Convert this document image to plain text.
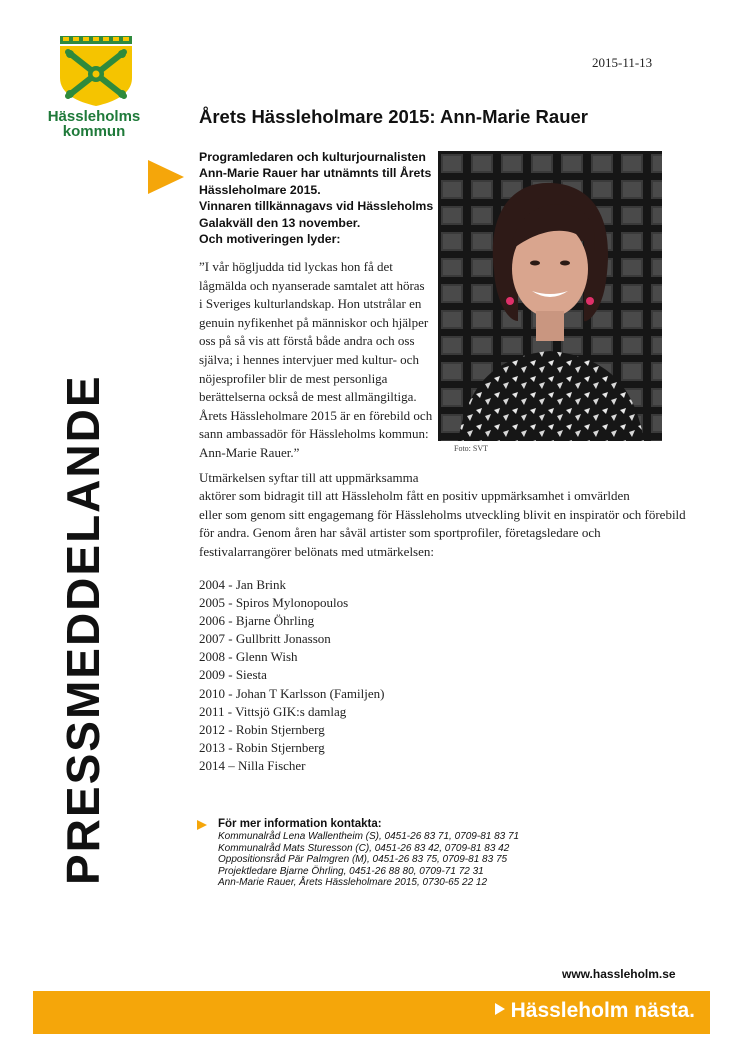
Hässleholms
kommun
2015-11-13
Årets Hässleholmare 2015: Ann-Marie Rauer
Programledaren och kulturjournalisten
Ann-Marie Rauer har utnämnts till Årets
Hässleholmare 2015.
Vinnaren tillkännagavs vid Hässleholms
Galakväll den 13 november.
Och motiveringen lyder:
”I vår högljudda tid lyckas hon få det
lågmälda och nyanserade samtalet att höras
i Sveriges kulturlandskap. Hon utstrålar en
genuin nyfikenhet på människor och hjälper
oss på så vis att förstå både andra och oss
själva; i hennes intervjuer med kultur- och
nöjesprofiler blir de mest personliga
berättelserna också de mest allmängiltiga.
Årets Hässleholmare 2015 är en förebild och
sann ambassadör för Hässleholms kommun:
Ann-Marie Rauer.”	Foto: SVT
PRESSMEDDELANDE	Utmärkelsen syftar till att uppmärksamma
aktörer som bidragit till att Hässleholm fått en positiv uppmärksamhet i omvärlden
eller som genom sitt engagemang för Hässleholms utveckling blivit en inspiratör och förebild
för andra. Genom åren har såväl artister som sportprofiler, företagsledare och
festivalarrangörer belönats med utmärkelsen:
2004 - Jan Brink
2005 - Spiros Mylonopoulos
2006 - Bjarne Öhrling
2007 - Gullbritt Jonasson
2008 - Glenn Wish
2009 - Siesta
2010 - Johan T Karlsson (Familjen)
2011 - Vittsjö GIK:s damlag
2012 - Robin Stjernberg
2013 - Robin Stjernberg
2014 – Nilla Fischer
För mer information kontakta:
Kommunalråd Lena Wallentheim (S), 0451-26 83 71, 0709-81 83 71
Kommunalråd Mats Sturesson (C), 0451-26 83 42, 0709-81 83 42
Oppositionsråd Pär Palmgren (M), 0451-26 83 75, 0709-81 83 75
Projektledare Bjarne Öhrling, 0451-26 88 80, 0709-71 72 31
Ann-Marie Rauer, Årets Hässleholmare 2015, 0730-65 22 12
www.hassleholm.se
Hässleholm nästa.
